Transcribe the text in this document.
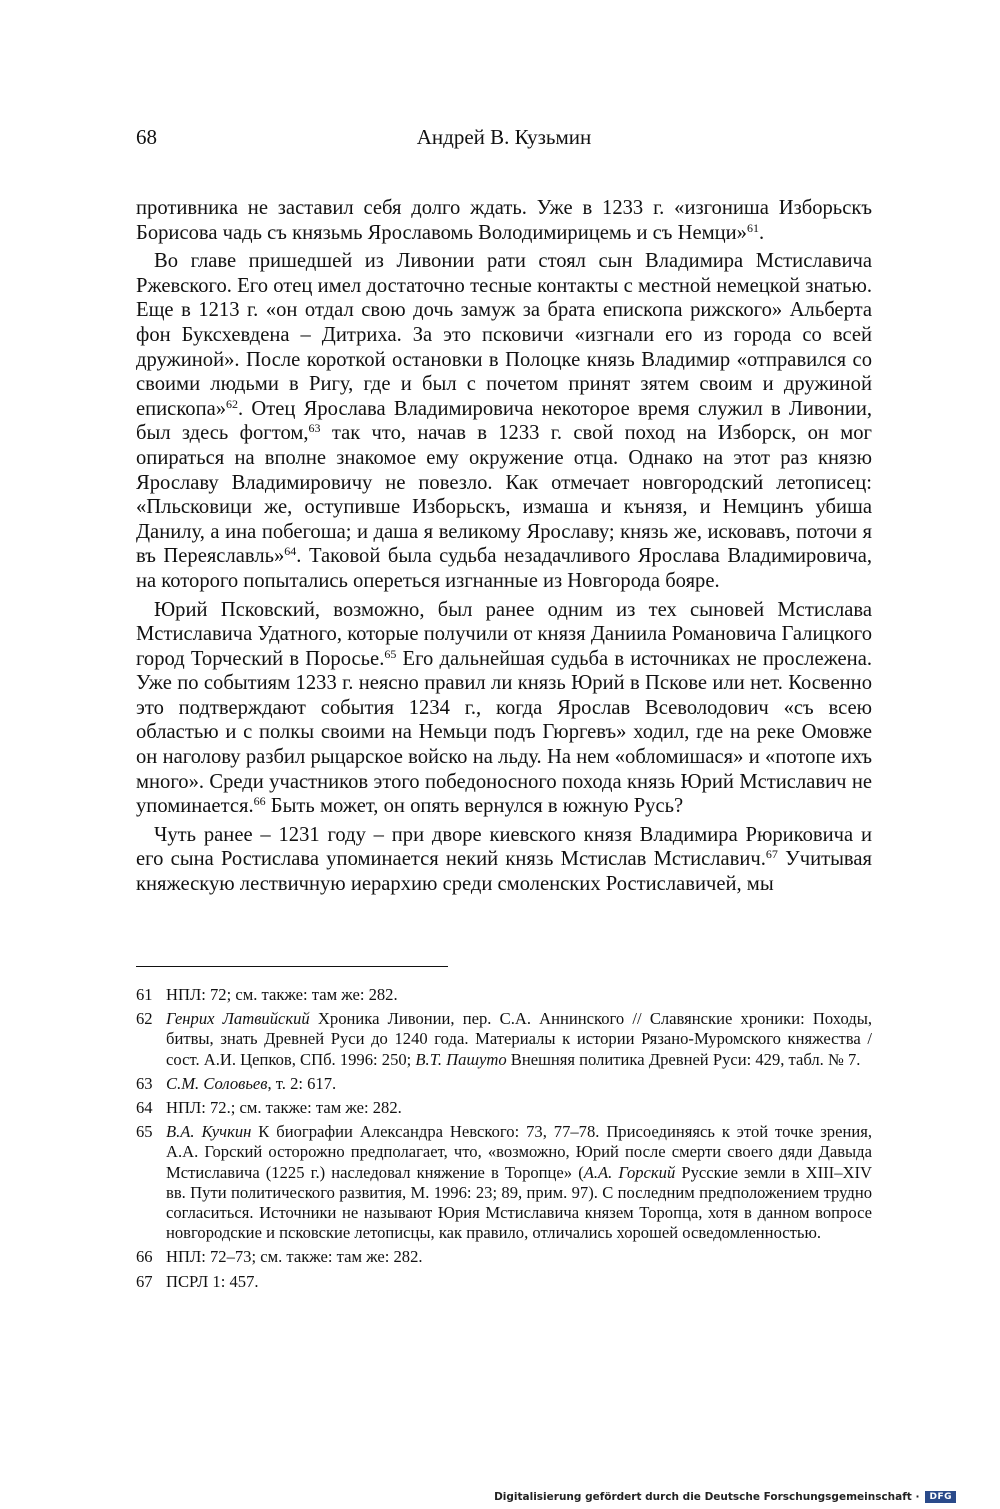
68	Андрей В. Кузьмин

противника не заставил себя долго ждать. Уже в 1233 г. «изгониша Изборьскъ Борисова чадь съ князьмь Ярославомь Володимирицемь и съ Немци»$^{61}$.

Во главе пришедшей из Ливонии рати стоял сын Владимира Мстиславича Ржевского. Его отец имел достаточно тесные контакты с местной немецкой знатью. Еще в 1213 г. «он отдал свою дочь замуж за брата епископа рижского» Альберта фон Буксхевдена – Дитриха. За это псковичи «изгнали его из города со всей дружиной». После короткой остановки в Полоцке князь Владимир «отправился со своими людьми в Ригу, где и был с почетом принят зятем своим и дружиной епископа»$^{62}$. Отец Ярослава Владимировича некоторое время служил в Ливонии, был здесь фогтом,$^{63}$ так что, начав в 1233 г. свой поход на Изборск, он мог опираться на вполне знакомое ему окружение отца. Однако на этот раз князю Ярославу Владимировичу не повезло. Как отмечает новгородский летописец: «Пльсковици же, оступивше Изборьскъ, измаша и кънязя, и Немцинъ убиша Данилу, а ина побегоша; и даша я великому Ярославу; князь же, исковавъ, поточи я въ Переяславль»$^{64}$. Таковой была судьба незадачливого Ярослава Владимировича, на которого попытались опереться изгнанные из Новгорода бояре.

Юрий Псковский, возможно, был ранее одним из тех сыновей Мстислава Мстиславича Удатного, которые получили от князя Даниила Романовича Галицкого город Торческий в Поросье.$^{65}$ Его дальнейшая судьба в источниках не прослежена. Уже по событиям 1233 г. неясно правил ли князь Юрий в Пскове или нет. Косвенно это подтверждают события 1234 г., когда Ярослав Всеволодович «съ всею областью и с полкы своими на Немьци подъ Гюргевъ» ходил, где на реке Омовже он наголову разбил рыцарское войско на льду. На нем «обломишася» и «потопе ихъ много». Среди участников этого победоносного похода князь Юрий Мстиславич не упоминается.$^{66}$ Быть может, он опять вернулся в южную Русь?

Чуть ранее – 1231 году – при дворе киевского князя Владимира Рюриковича и его сына Ростислава упоминается некий князь Мстислав Мстиславич.$^{67}$ Учитывая княжескую лествичную иерархию среди смоленских Ростиславичей, мы

61 НПЛ: 72; см. также: там же: 282.
62 Генрих Латвийский Хроника Ливонии, пер. С.А. Аннинского // Славянские хроники: Походы, битвы, знать Древней Руси до 1240 года. Материалы к истории Рязано-Муромского княжества / сост. А.И. Цепков, СПб. 1996: 250; В.Т. Пашуто Внешняя политика Древней Руси: 429, табл. № 7.
63 С.М. Соловьев, т. 2: 617.
64 НПЛ: 72.; см. также: там же: 282.
65 В.А. Кучкин К биографии Александра Невского: 73, 77–78. Присоединяясь к этой точке зрения, А.А. Горский осторожно предполагает, что, «возможно, Юрий после смерти своего дяди Давыда Мстиславича (1225 г.) наследовал княжение в Торопце» (А.А. Горский Русские земли в XIII–XIV вв. Пути политического развития, М. 1996: 23; 89, прим. 97). С последним предположением трудно согласиться. Источники не называют Юрия Мстиславича князем Торопца, хотя в данном вопросе новгородские и псковские летописцы, как правило, отличались хорошей осведомленностью.
66 НПЛ: 72–73; см. также: там же: 282.
67 ПСРЛ 1: 457.
Digitalisierung gefördert durch die Deutsche Forschungsgemeinschaft ·	DFG
